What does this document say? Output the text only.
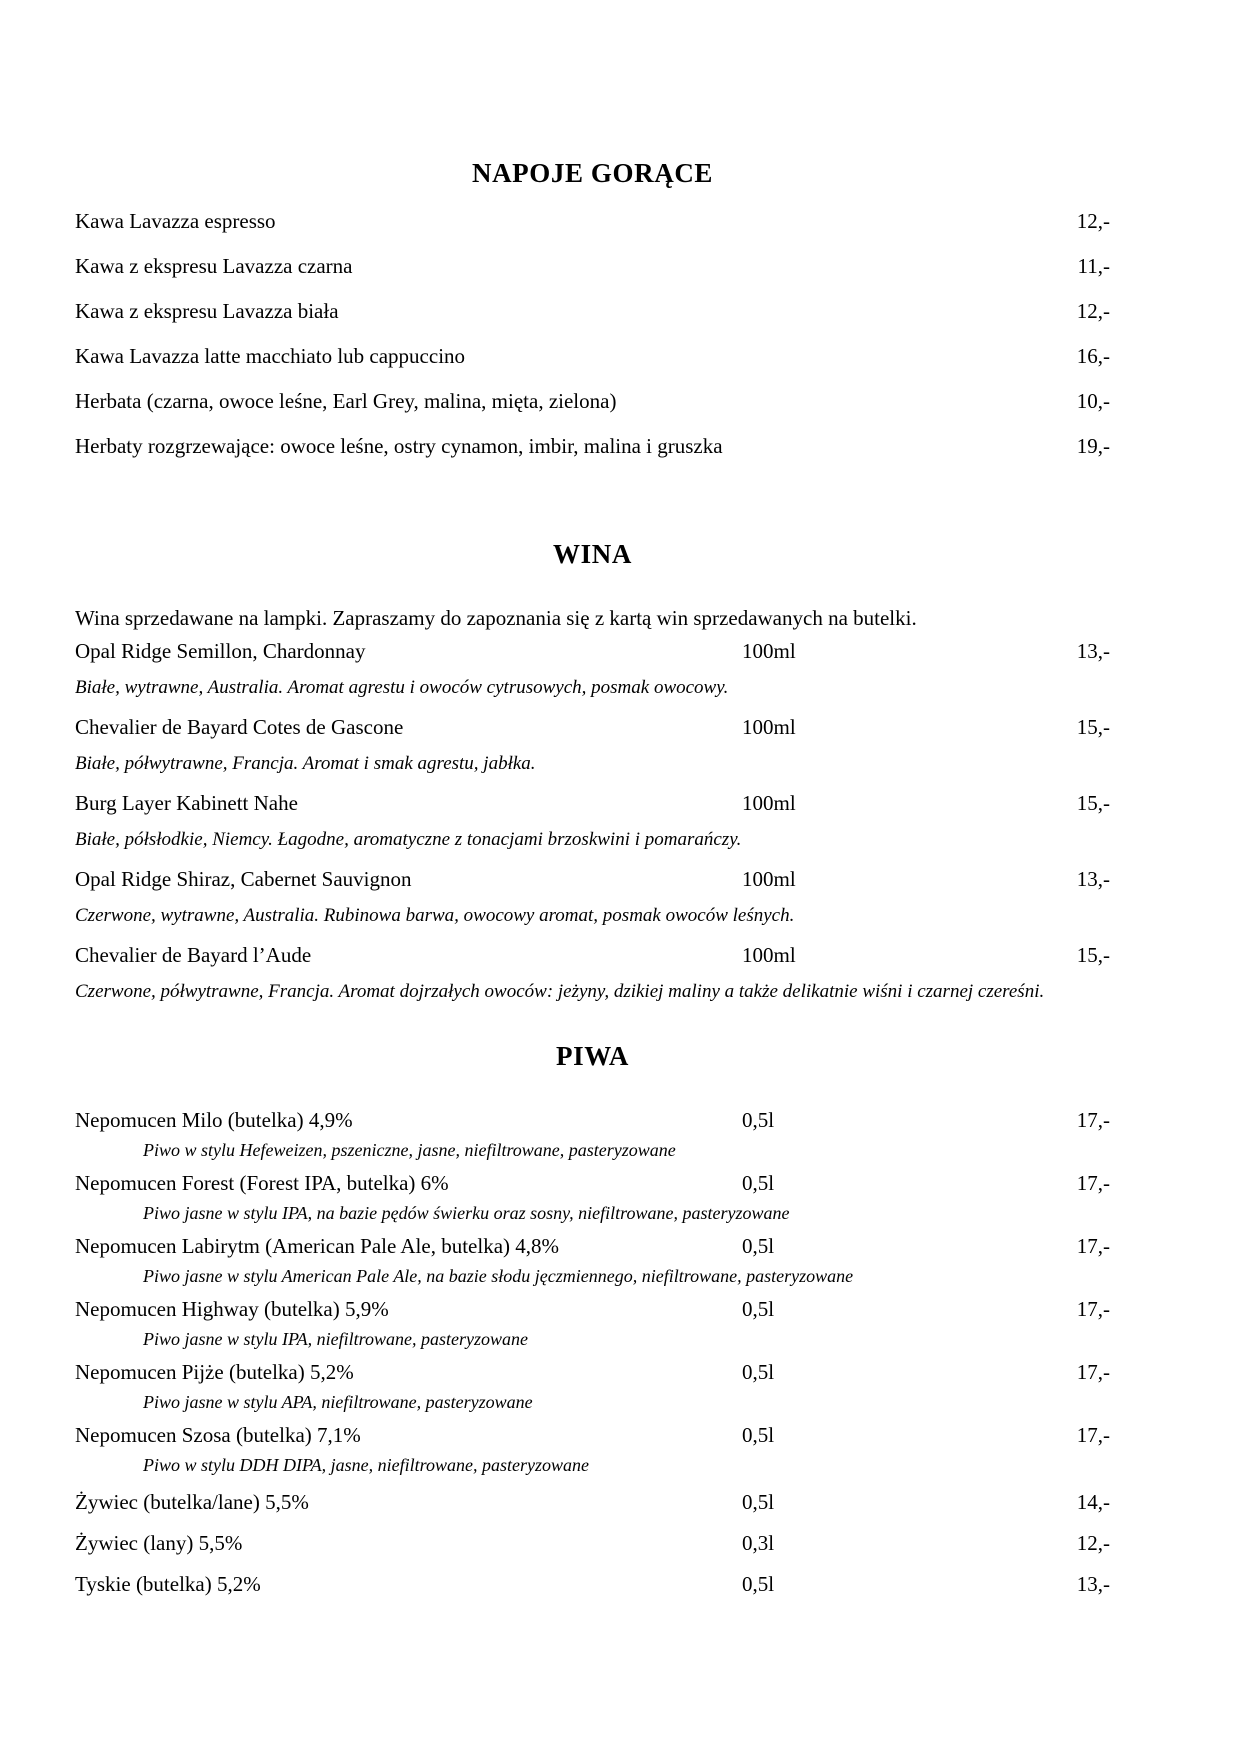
NAPOJE GORĄCE
Kawa Lavazza espresso	12,-
Kawa z ekspresu Lavazza czarna	11,-
Kawa z ekspresu Lavazza biała	12,-
Kawa Lavazza latte macchiato lub cappuccino	16,-
Herbata (czarna, owoce leśne, Earl Grey, malina, mięta, zielona)	10,-
Herbaty rozgrzewające: owoce leśne, ostry cynamon, imbir, malina i gruszka	19,-
WINA
Wina sprzedawane na lampki. Zapraszamy do zapoznania się z kartą win sprzedawanych na butelki.
Opal Ridge Semillon, Chardonnay	100ml	13,-
Białe, wytrawne, Australia. Aromat agrestu i owoców cytrusowych, posmak owocowy.
Chevalier de Bayard Cotes de Gascone	100ml	15,-
Białe, półwytrawne, Francja. Aromat i smak agrestu, jabłka.
Burg Layer Kabinett Nahe	100ml	15,-
Białe, półsłodkie, Niemcy. Łagodne, aromatyczne z tonacjami brzoskwini i pomarańczy.
Opal Ridge Shiraz, Cabernet Sauvignon	100ml	13,-
Czerwone, wytrawne, Australia. Rubinowa barwa, owocowy aromat, posmak owoców leśnych.
Chevalier de Bayard l’Aude	100ml	15,-
Czerwone, półwytrawne, Francja. Aromat dojrzałych owoców: jeżyny, dzikiej maliny a także delikatnie wiśni i czarnej czereśni.
PIWA
Nepomucen Milo (butelka) 4,9%	0,5l	17,-
Piwo w stylu Hefeweizen, pszeniczne, jasne, niefiltrowane, pasteryzowane
Nepomucen Forest (Forest IPA, butelka) 6%	0,5l	17,-
Piwo jasne w stylu IPA, na bazie pędów świerku oraz sosny, niefiltrowane, pasteryzowane
Nepomucen Labirytm (American Pale Ale, butelka) 4,8%	0,5l	17,-
Piwo jasne w stylu American Pale Ale, na bazie słodu jęczmiennego, niefiltrowane, pasteryzowane
Nepomucen Highway (butelka) 5,9%	0,5l	17,-
Piwo jasne w stylu IPA, niefiltrowane, pasteryzowane
Nepomucen Pijże (butelka) 5,2%	0,5l	17,-
Piwo jasne w stylu APA, niefiltrowane, pasteryzowane
Nepomucen Szosa (butelka) 7,1%	0,5l	17,-
Piwo w stylu DDH DIPA, jasne, niefiltrowane, pasteryzowane
Żywiec (butelka/lane) 5,5%	0,5l	14,-
Żywiec (lany) 5,5%	0,3l	12,-
Tyskie (butelka) 5,2%	0,5l	13,-
